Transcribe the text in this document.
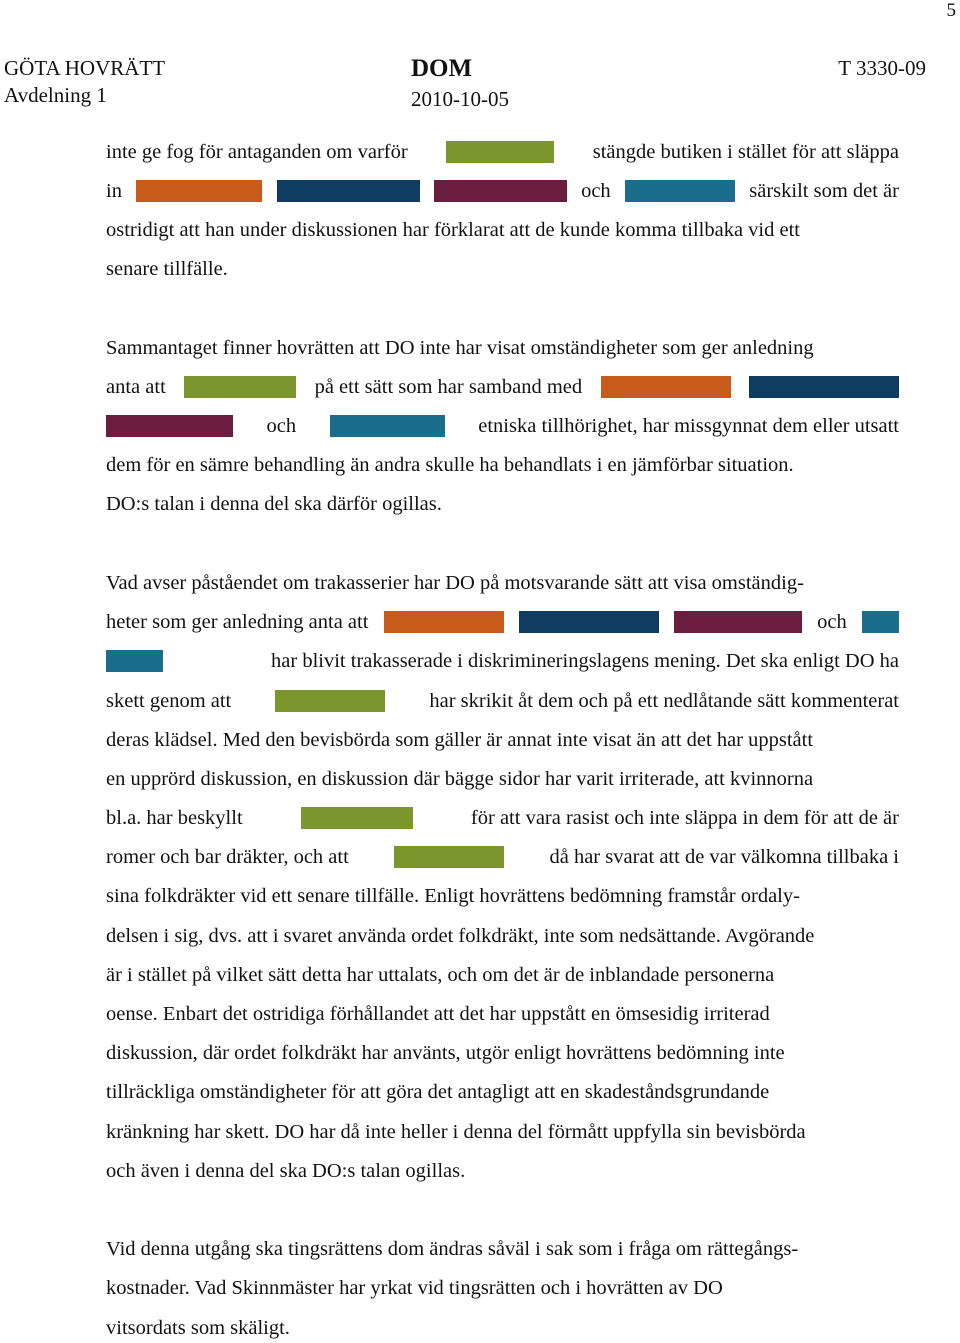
5
GÖTA HOVRÄTT
Avdelning 1
DOM
2010-10-05
T 3330-09
inte ge fog för antaganden om varför	stängde butiken i stället för att släppa
in	och	särskilt som det är
ostridigt att han under diskussionen har förklarat att de kunde komma tillbaka vid ett
senare tillfälle.
Sammantaget finner hovrätten att DO inte har visat omständigheter som ger anledning
anta att	på ett sätt som har samband med
och	etniska tillhörighet, har missgynnat dem eller utsatt
dem för en sämre behandling än andra skulle ha behandlats i en jämförbar situation.
DO:s talan i denna del ska därför ogillas.
Vad avser påståendet om trakasserier har DO på motsvarande sätt att visa omständig-
heter som ger anledning anta att	och
har blivit trakasserade i diskrimineringslagens mening. Det ska enligt DO ha
skett genom att	har skrikit åt dem och på ett nedlåtande sätt kommenterat
deras klädsel. Med den bevisbörda som gäller är annat inte visat än att det har uppstått
en upprörd diskussion, en diskussion där bägge sidor har varit irriterade, att kvinnorna
bl.a. har beskyllt	för att vara rasist och inte släppa in dem för att de är
romer och bar dräkter, och att	då har svarat att de var välkomna tillbaka i
sina folkdräkter vid ett senare tillfälle. Enligt hovrättens bedömning framstår ordaly-
delsen i sig, dvs. att i svaret använda ordet folkdräkt, inte som nedsättande. Avgörande
är i stället på vilket sätt detta har uttalats, och om det är de inblandade personerna
oense. Enbart det ostridiga förhållandet att det har uppstått en ömsesidig irriterad
diskussion, där ordet folkdräkt har använts, utgör enligt hovrättens bedömning inte
tillräckliga omständigheter för att göra det antagligt att en skadeståndsgrundande
kränkning har skett. DO har då inte heller i denna del förmått uppfylla sin bevisbörda
och även i denna del ska DO:s talan ogillas.
Vid denna utgång ska tingsrättens dom ändras såväl i sak som i fråga om rättegångs-
kostnader. Vad Skinnmäster har yrkat vid tingsrätten och i hovrätten av DO
vitsordats som skäligt.
